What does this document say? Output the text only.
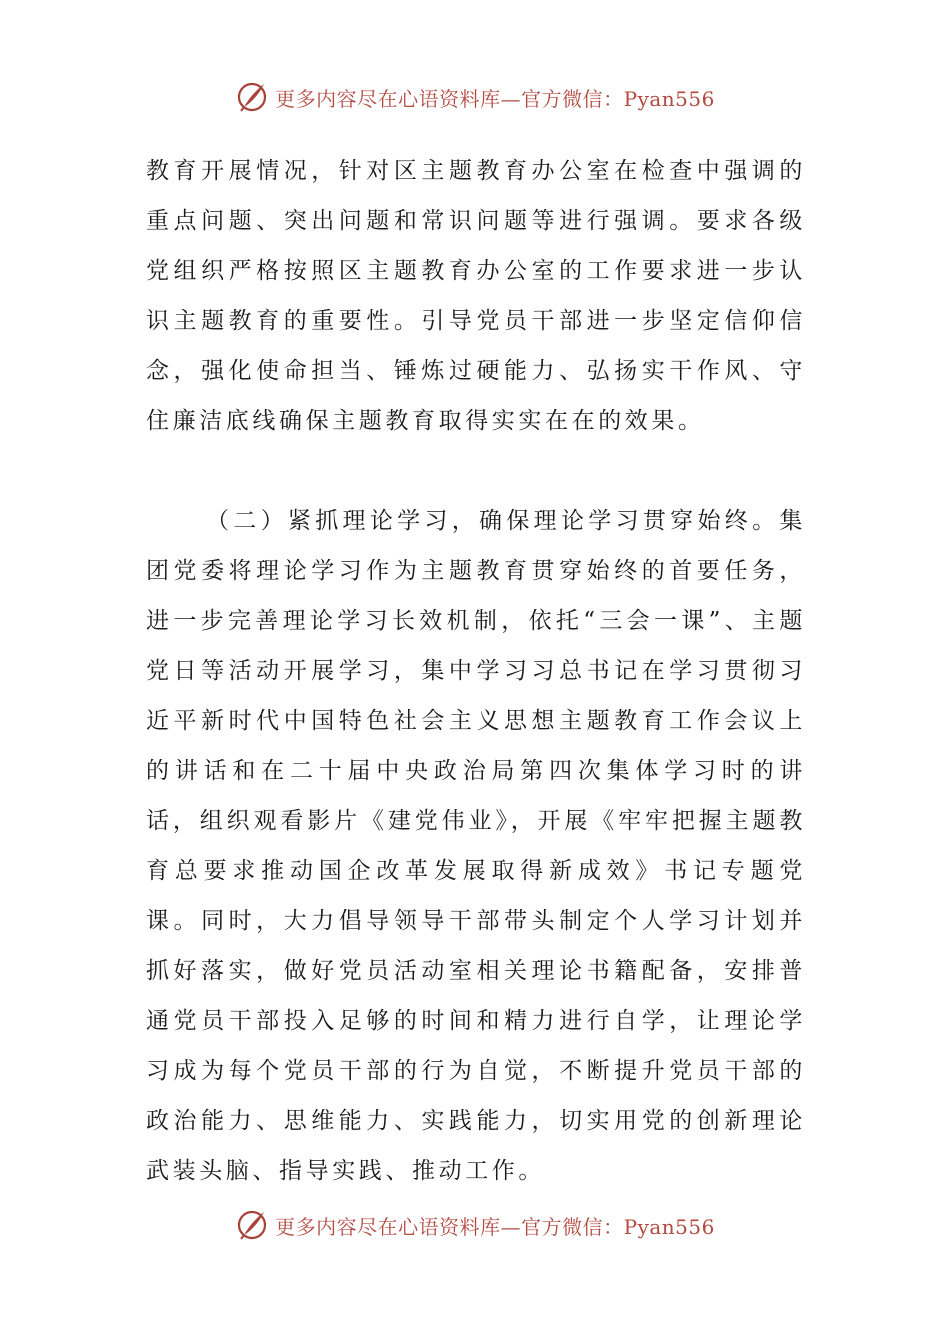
更多内容尽在心语资料库—官方微信：Pyan556

教育开展情况，针对区主题教育办公室在检查中强调的重点问题、突出问题和常识问题等进行强调。要求各级党组织严格按照区主题教育办公室的工作要求进一步认识主题教育的重要性。引导党员干部进一步坚定信仰信念，强化使命担当、锤炼过硬能力、弘扬实干作风、守住廉洁底线确保主题教育取得实实在在的效果。

（二）紧抓理论学习，确保理论学习贯穿始终。集团党委将理论学习作为主题教育贯穿始终的首要任务，进一步完善理论学习长效机制，依托“三会一课”、主题党日等活动开展学习，集中学习习总书记在学习贯彻习近平新时代中国特色社会主义思想主题教育工作会议上的讲话和在二十届中央政治局第四次集体学习时的讲话，组织观看影片《建党伟业》，开展《牢牢把握主题教育总要求推动国企改革发展取得新成效》书记专题党课。同时，大力倡导领导干部带头制定个人学习计划并抓好落实，做好党员活动室相关理论书籍配备，安排普通党员干部投入足够的时间和精力进行自学，让理论学习成为每个党员干部的行为自觉，不断提升党员干部的政治能力、思维能力、实践能力，切实用党的创新理论武装头脑、指导实践、推动工作。

更多内容尽在心语资料库—官方微信：Pyan556
